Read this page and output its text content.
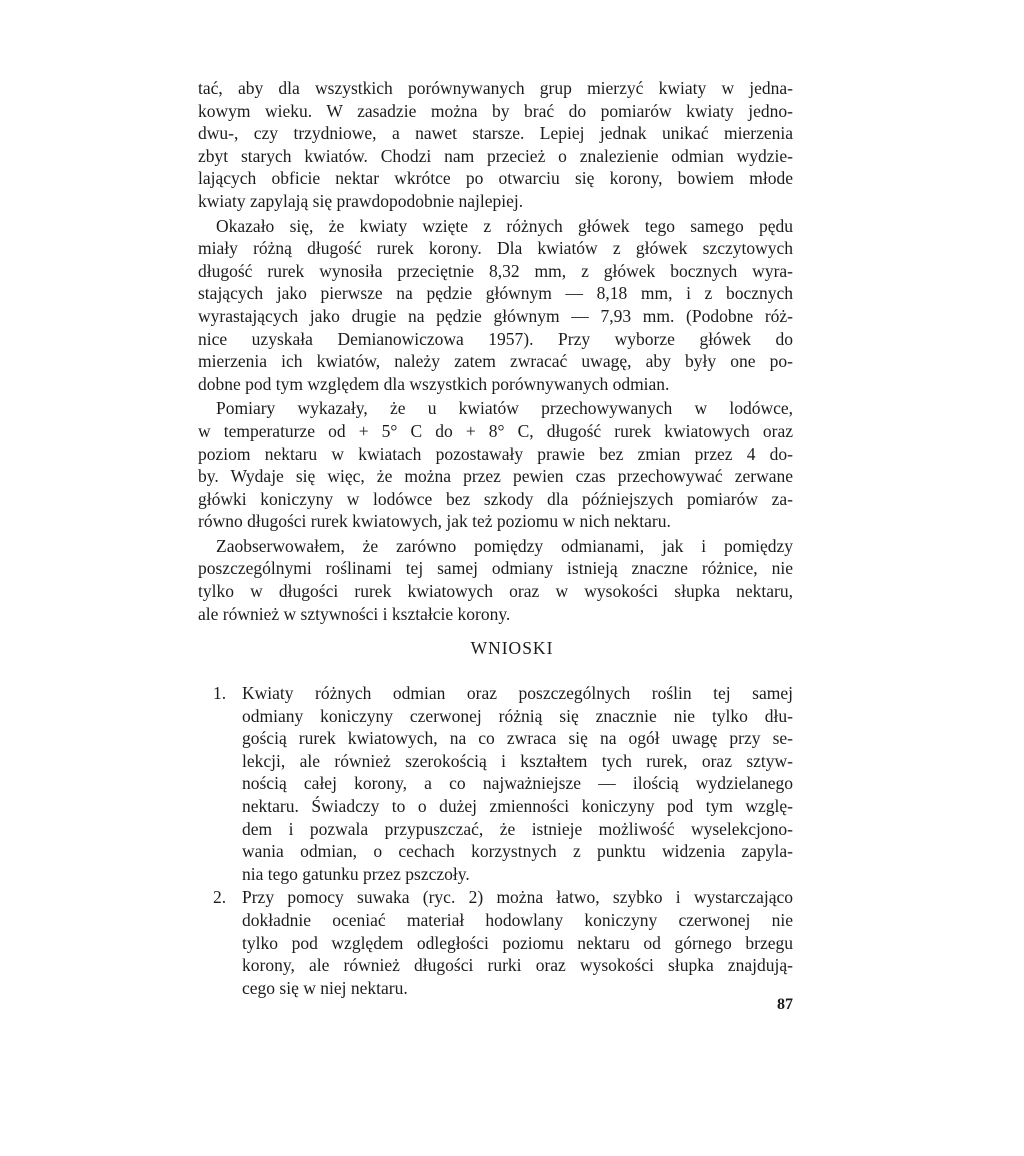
tać, aby dla wszystkich porównywanych grup mierzyć kwiaty w jedna-
kowym wieku. W zasadzie można by brać do pomiarów kwiaty jedno-
dwu-, czy trzydniowe, a nawet starsze. Lepiej jednak unikać mierzenia
zbyt starych kwiatów. Chodzi nam przecież o znalezienie odmian wydzie-
lających obficie nektar wkrótce po otwarciu się korony, bowiem młode
kwiaty zapylają się prawdopodobnie najlepiej.
Okazało się, że kwiaty wzięte z różnych główek tego samego pędu
miały różną długość rurek korony. Dla kwiatów z główek szczytowych
długość rurek wynosiła przeciętnie 8,32 mm, z główek bocznych wyra-
stających jako pierwsze na pędzie głównym — 8,18 mm, i z bocznych
wyrastających jako drugie na pędzie głównym — 7,93 mm. (Podobne róż-
nice uzyskała Demianowiczowa 1957). Przy wyborze główek do
mierzenia ich kwiatów, należy zatem zwracać uwagę, aby były one po-
dobne pod tym względem dla wszystkich porównywanych odmian.
Pomiary wykazały, że u kwiatów przechowywanych w lodówce,
w temperaturze od + 5° C do + 8° C, długość rurek kwiatowych oraz
poziom nektaru w kwiatach pozostawały prawie bez zmian przez 4 do-
by. Wydaje się więc, że można przez pewien czas przechowywać zerwane
główki koniczyny w lodówce bez szkody dla późniejszych pomiarów za-
równo długości rurek kwiatowych, jak też poziomu w nich nektaru.
Zaobserwowałem, że zarówno pomiędzy odmianami, jak i pomiędzy
poszczególnymi roślinami tej samej odmiany istnieją znaczne różnice, nie
tylko w długości rurek kwiatowych oraz w wysokości słupka nektaru,
ale również w sztywności i kształcie korony.
WNIOSKI
1. Kwiaty różnych odmian oraz poszczególnych roślin tej samej
odmiany koniczyny czerwonej różnią się znacznie nie tylko dłu-
gością rurek kwiatowych, na co zwraca się na ogół uwagę przy se-
lekcji, ale również szerokością i kształtem tych rurek, oraz sztyw-
nością całej korony, a co najważniejsze — ilością wydzielanego
nektaru. Świadczy to o dużej zmienności koniczyny pod tym wzglę-
dem i pozwala przypuszczać, że istnieje możliwość wyselekcjono-
wania odmian, o cechach korzystnych z punktu widzenia zapyla-
nia tego gatunku przez pszczoły.
2. Przy pomocy suwaka (ryc. 2) można łatwo, szybko i wystarczająco
dokładnie oceniać materiał hodowlany koniczyny czerwonej nie
tylko pod względem odległości poziomu nektaru od górnego brzegu
korony, ale również długości rurki oraz wysokości słupka znajdują-
cego się w niej nektaru.
87
